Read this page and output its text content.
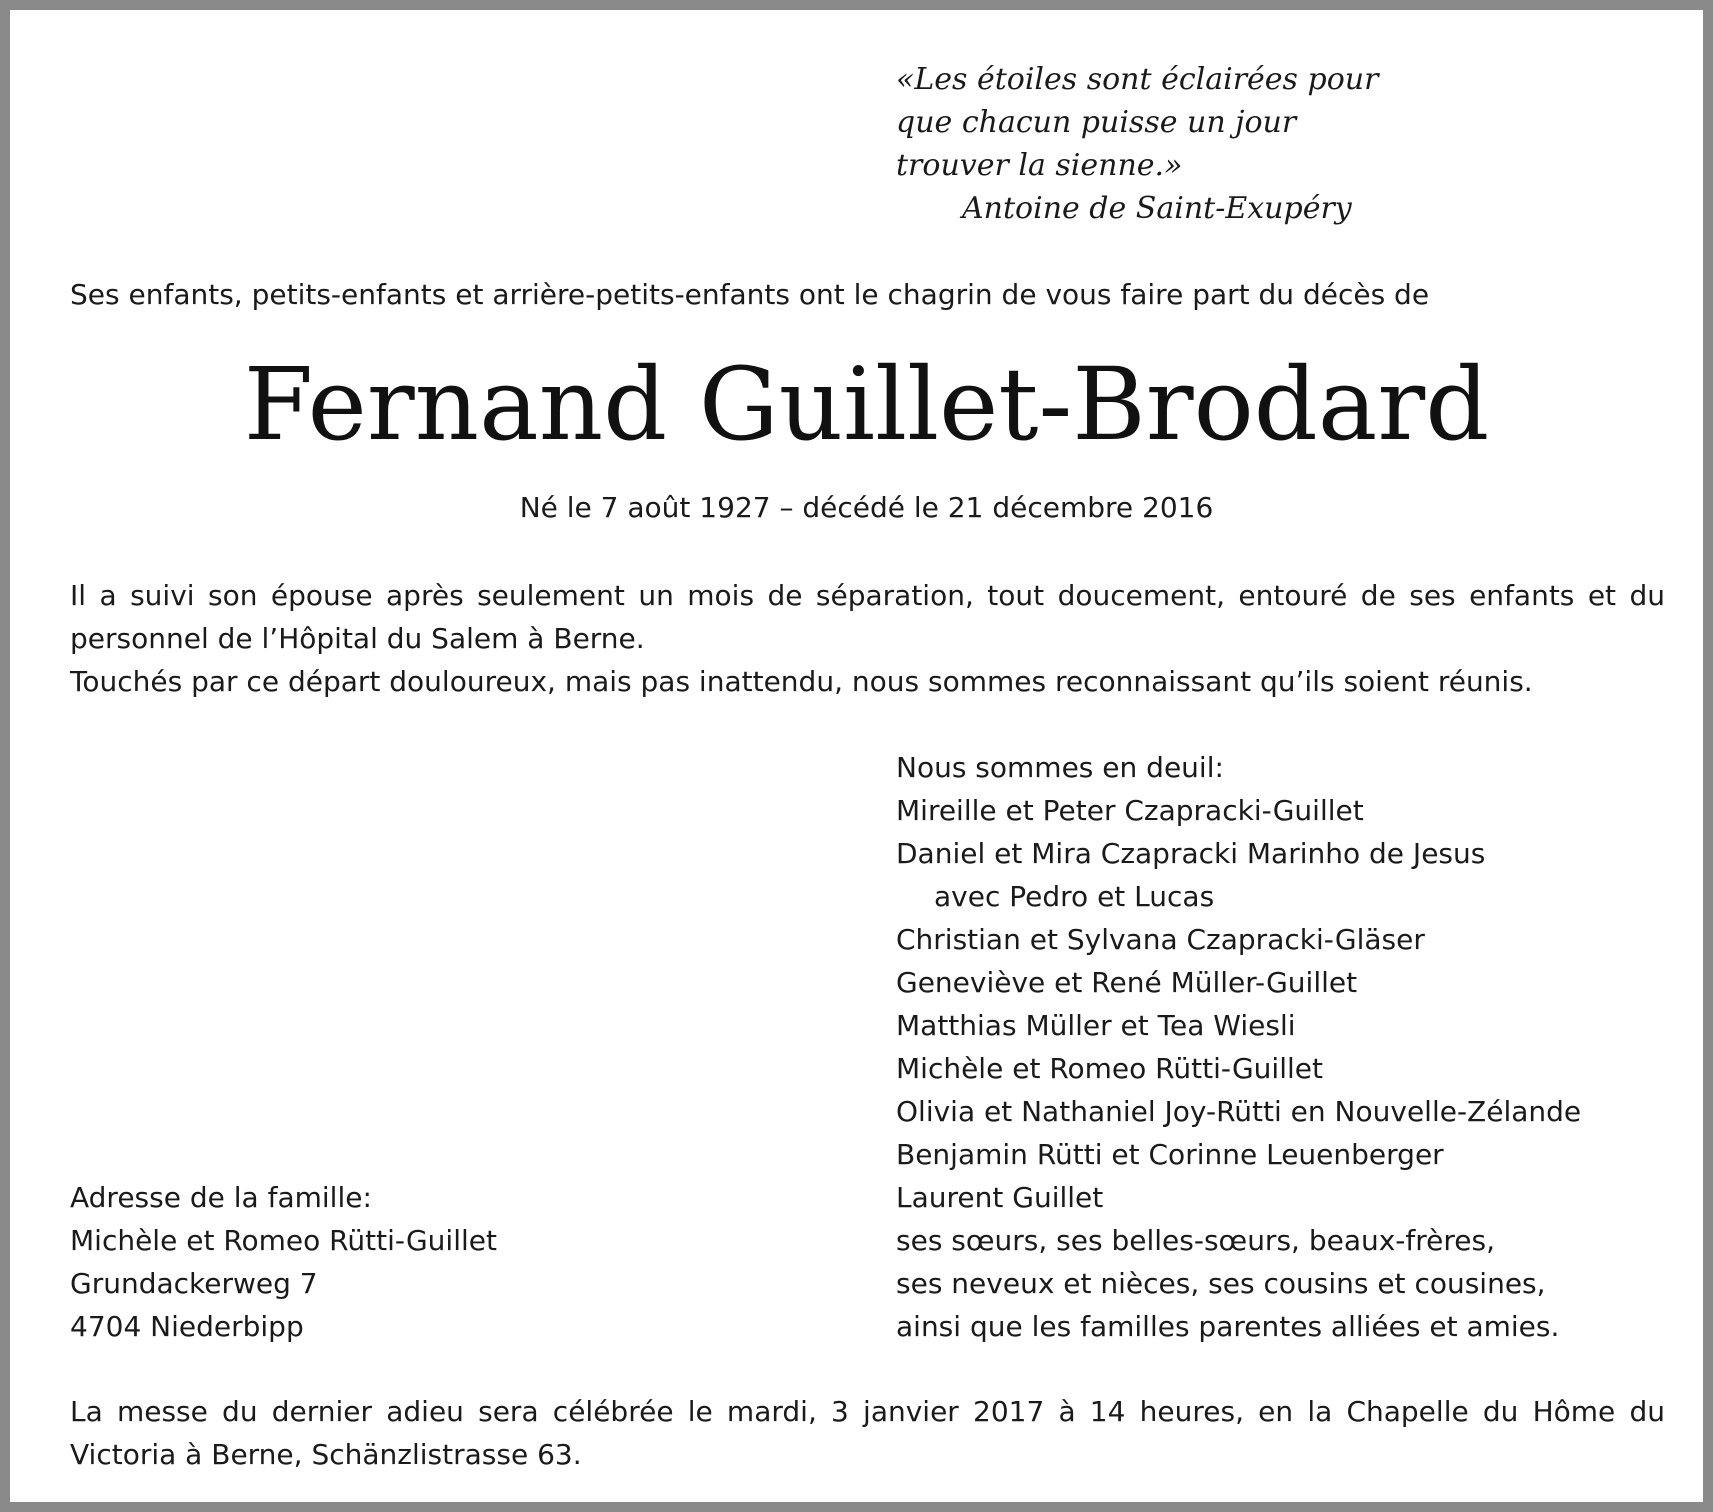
«Les étoiles sont éclairées pour
que chacun puisse un jour
trouver la sienne.»
Antoine de Saint-Exupéry
Ses enfants, petits-enfants et arrière-petits-enfants ont le chagrin de vous faire part du décès de
Fernand Guillet-Brodard
Né le 7 août 1927 – décédé le 21 décembre 2016
Il a suivi son épouse après seulement un mois de séparation, tout doucement, entouré de ses enfants et du personnel de l’Hôpital du Salem à Berne.
Touchés par ce départ douloureux, mais pas inattendu, nous sommes reconnaissant qu’ils soient réunis.
Nous sommes en deuil:
Mireille et Peter Czapracki-Guillet
Daniel et Mira Czapracki Marinho de Jesus
avec Pedro et Lucas
Christian et Sylvana Czapracki-Gläser
Geneviève et René Müller-Guillet
Matthias Müller et Tea Wiesli
Michèle et Romeo Rütti-Guillet
Olivia et Nathaniel Joy-Rütti en Nouvelle-Zélande
Benjamin Rütti et Corinne Leuenberger
Laurent Guillet
ses sœurs, ses belles-sœurs, beaux-frères,
ses neveux et nièces, ses cousins et cousines,
ainsi que les familles parentes alliées et amies.
Adresse de la famille:
Michèle et Romeo Rütti-Guillet
Grundackerweg 7
4704 Niederbipp
La messe du dernier adieu sera célébrée le mardi, 3 janvier 2017 à 14 heures, en la Chapelle du Hôme du
Victoria à Berne, Schänzlistrasse 63.
